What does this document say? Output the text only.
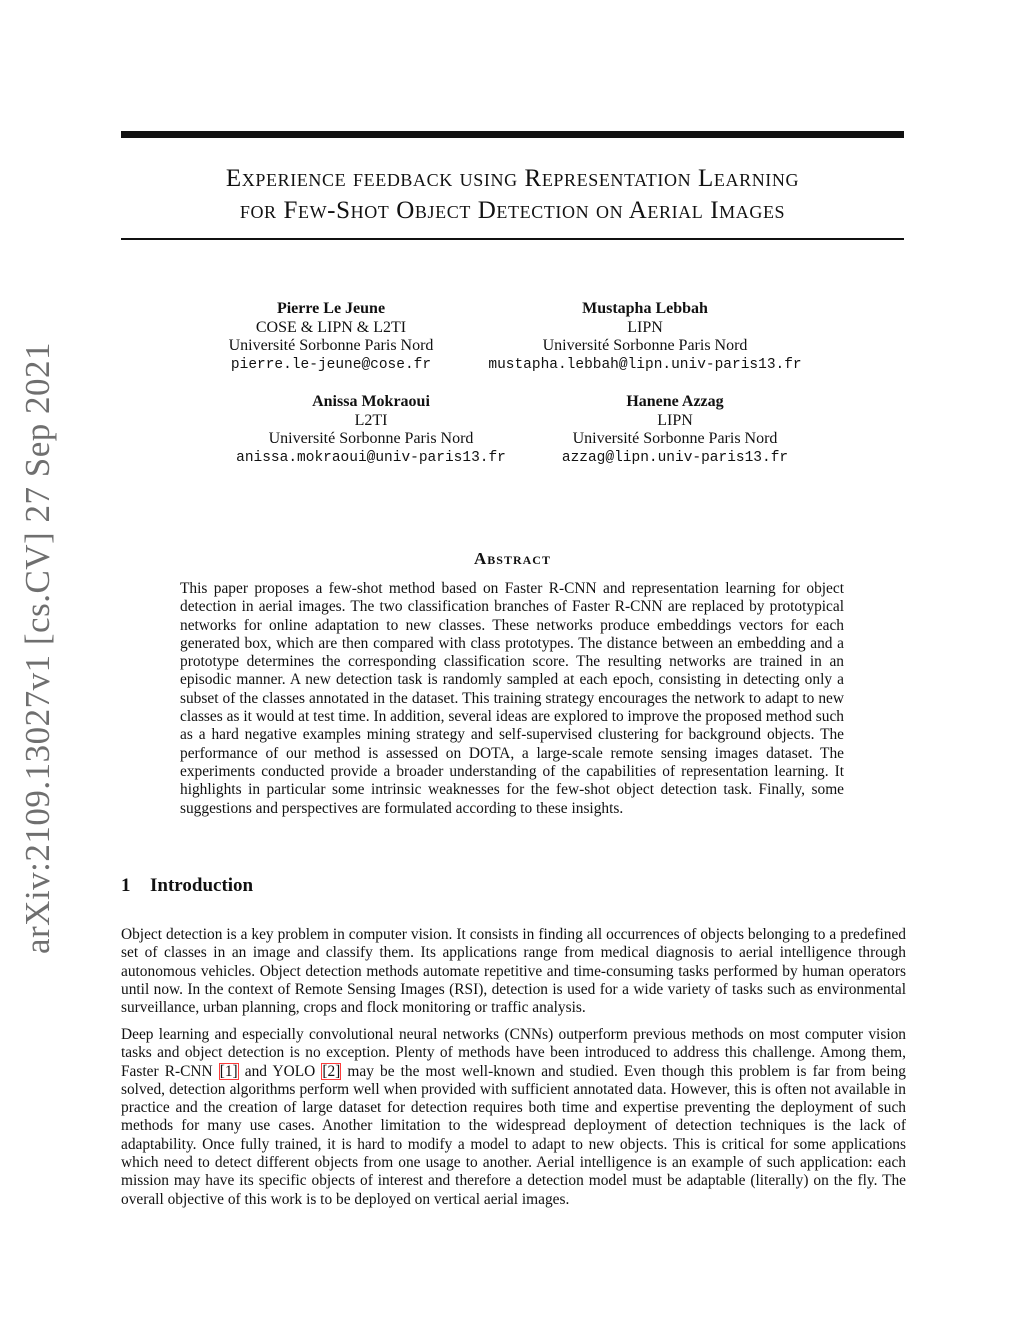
arXiv:2109.13027v1 [cs.CV] 27 Sep 2021
Experience feedback using Representation Learning
for Few-Shot Object Detection on Aerial Images
Pierre Le Jeune
COSE & LIPN & L2TI
Université Sorbonne Paris Nord
pierre.le-jeune@cose.fr
Mustapha Lebbah
LIPN
Université Sorbonne Paris Nord
mustapha.lebbah@lipn.univ-paris13.fr
Anissa Mokraoui
L2TI
Université Sorbonne Paris Nord
anissa.mokraoui@univ-paris13.fr
Hanene Azzag
LIPN
Université Sorbonne Paris Nord
azzag@lipn.univ-paris13.fr
Abstract

This paper proposes a few-shot method based on Faster R-CNN and representation learning for object detection in aerial images. The two classification branches of Faster R-CNN are replaced by prototypical networks for online adaptation to new classes. These networks produce embeddings vectors for each generated box, which are then compared with class prototypes. The distance between an embedding and a prototype determines the corresponding classification score. The resulting networks are trained in an episodic manner. A new detection task is randomly sampled at each epoch, consisting in detecting only a subset of the classes annotated in the dataset. This training strategy encourages the network to adapt to new classes as it would at test time. In addition, several ideas are explored to improve the proposed method such as a hard negative examples mining strategy and self-supervised clustering for background objects. The performance of our method is assessed on DOTA, a large-scale remote sensing images dataset. The experiments conducted provide a broader understanding of the capabilities of representation learning. It highlights in particular some intrinsic weaknesses for the few-shot object detection task. Finally, some suggestions and perspectives are formulated according to these insights.

1 Introduction

Object detection is a key problem in computer vision. It consists in finding all occurrences of objects belonging to a predefined set of classes in an image and classify them. Its applications range from medical diagnosis to aerial intelligence through autonomous vehicles. Object detection methods automate repetitive and time-consuming tasks performed by human operators until now. In the context of Remote Sensing Images (RSI), detection is used for a wide variety of tasks such as environmental surveillance, urban planning, crops and flock monitoring or traffic analysis.

Deep learning and especially convolutional neural networks (CNNs) outperform previous methods on most computer vision tasks and object detection is no exception. Plenty of methods have been introduced to address this challenge. Among them, Faster R-CNN [1] and YOLO [2] may be the most well-known and studied. Even though this problem is far from being solved, detection algorithms perform well when provided with sufficient annotated data. However, this is often not available in practice and the creation of large dataset for detection requires both time and expertise preventing the deployment of such methods for many use cases. Another limitation to the widespread deployment of detection techniques is the lack of adaptability. Once fully trained, it is hard to modify a model to adapt to new objects. This is critical for some applications which need to detect different objects from one usage to another. Aerial intelligence is an example of such application: each mission may have its specific objects of interest and therefore a detection model must be adaptable (literally) on the fly. The overall objective of this work is to be deployed on vertical aerial images.
